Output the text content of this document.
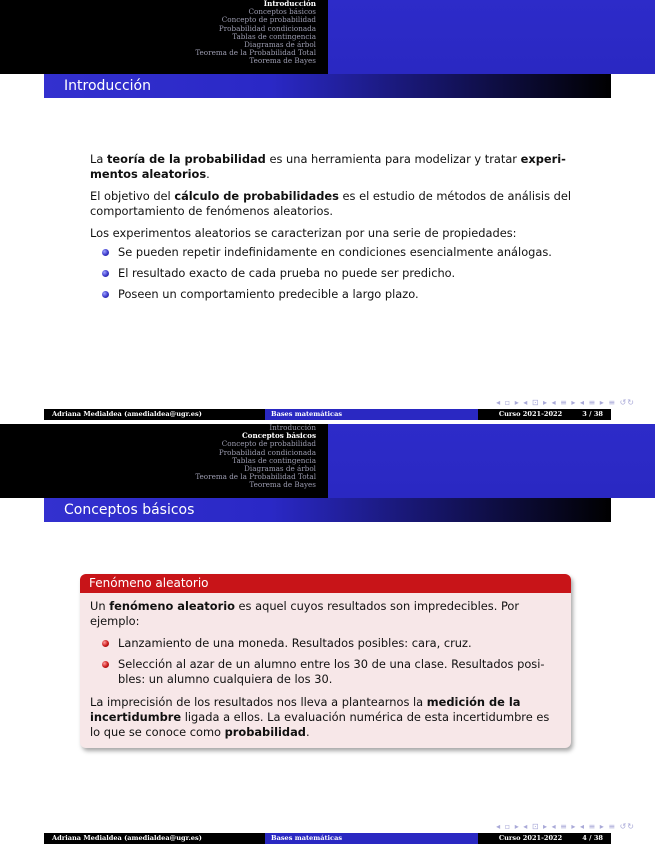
Introducción
Conceptos básicos
Concepto de probabilidad
Probabilidad condicionada
Tablas de contingencia
Diagramas de árbol
Teorema de la Probabilidad Total
Teorema de Bayes
Introducción

La teoría de la probabilidad es una herramienta para modelizar y tratar experi-
mentos aleatorios.

El objetivo del cálculo de probabilidades es el estudio de métodos de análisis del
comportamiento de fenómenos aleatorios.

Los experimentos aleatorios se caracterizan por una serie de propiedades:

Se pueden repetir indefinidamente en condiciones esencialmente análogas.
El resultado exacto de cada prueba no puede ser predicho.
Poseen un comportamiento predecible a largo plazo.
◂ ▫ ▸ ◂ ⊡ ▸ ◂ ≡ ▸ ◂ ≡ ▸ ≡ ↺↻
Adriana Medialdea (amedialdea@ugr.es)	Bases matemáticas	Curso 2021-2022	3 / 38
Introducción
Conceptos básicos
Concepto de probabilidad
Probabilidad condicionada
Tablas de contingencia
Diagramas de árbol
Teorema de la Probabilidad Total
Teorema de Bayes
Conceptos básicos
Fenómeno aleatorio

Un fenómeno aleatorio es aquel cuyos resultados son impredecibles. Por
ejemplo:

Lanzamiento de una moneda. Resultados posibles: cara, cruz.
Selección al azar de un alumno entre los 30 de una clase. Resultados posi-
bles: un alumno cualquiera de los 30.

La imprecisión de los resultados nos lleva a plantearnos la medición de la
incertidumbre ligada a ellos. La evaluación numérica de esta incertidumbre es
lo que se conoce como probabilidad.

◂ ▫ ▸ ◂ ⊡ ▸ ◂ ≡ ▸ ◂ ≡ ▸ ≡ ↺↻
Adriana Medialdea (amedialdea@ugr.es)	Bases matemáticas	Curso 2021-2022	4 / 38
